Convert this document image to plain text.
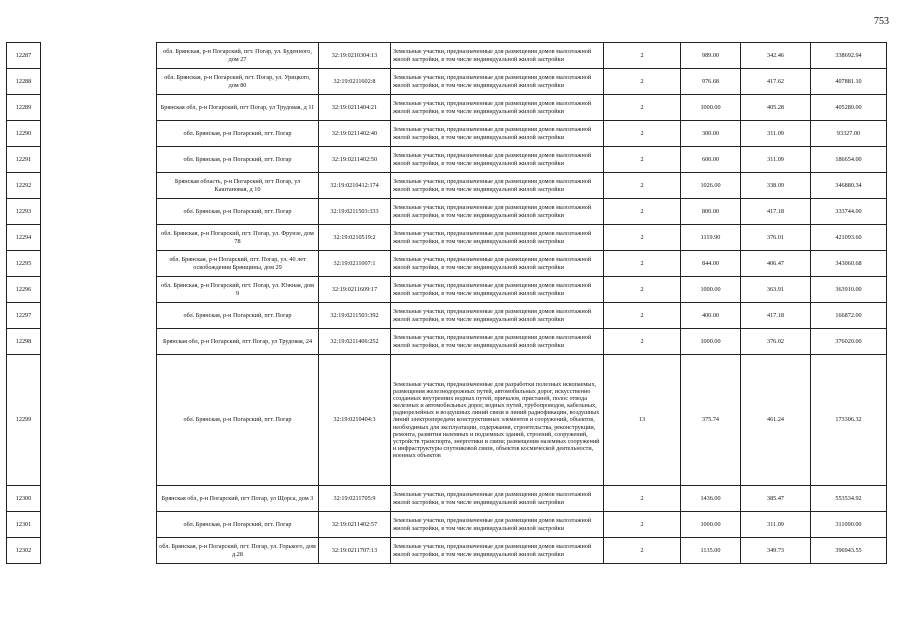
753
12287		обл. Брянская, р-н Погарский, пгт. Погар, ул. Буденного, дом 27	32:19:0210304:13	Земельные участки, предназначенные для размещения домов малоэтажной жилой застройки, в том числе индивидуальной жилой застройки	2	989.00	342.46	338692.94
12288		обл. Брянская, р-н Погарский, пгт. Погар, ул. Урицкого, дом 80	32:19:0211602:8	Земельные участки, предназначенные для размещения домов малоэтажной жилой застройки, в том числе индивидуальной жилой застройки	2	976.68	417.62	407881.10
12289		Брянская обл, р-н Погарский, пгт Погар, ул Трудовая, д 11	32:19:0211404:21	Земельные участки, предназначенные для размещения домов малоэтажной жилой застройки, в том числе индивидуальной жилой застройки	2	1000.00	405.28	405280.00
12290		обл. Брянская, р-н Погарский, пгт. Погар	32:19:0211402:40	Земельные участки, предназначенные для размещения домов малоэтажной жилой застройки, в том числе индивидуальной жилой застройки	2	300.00	311.09	93327.00
12291		обл. Брянская, р-н Погарский, пгт. Погар	32:19:0211402:50	Земельные участки, предназначенные для размещения домов малоэтажной жилой застройки, в том числе индивидуальной жилой застройки	2	600.00	311.09	186654.00
12292		Брянская область, р-н Погарский, пгт Погар, ул Каштановая, д 10	32:19:0210412:174	Земельные участки, предназначенные для размещения домов малоэтажной жилой застройки, в том числе индивидуальной жилой застройки	2	1026.00	338.09	346880.34
12293		обл. Брянская, р-н Погарский, пгт. Погар	32:19:0211503:333	Земельные участки, предназначенные для размещения домов малоэтажной жилой застройки, в том числе индивидуальной жилой застройки	2	800.00	417.18	333744.00
12294		обл. Брянская, р-н Погарский, пгт. Погар, ул. Фрунзе, дом 78	32:19:0210519:2	Земельные участки, предназначенные для размещения домов малоэтажной жилой застройки, в том числе индивидуальной жилой застройки	2	1119.90	376.01	421093.60
12295		обл. Брянская, р-н Погарский, пгт. Погар, ул. 40 лет освобождения Брянщины, дом 29	32:19:0211007:1	Земельные участки, предназначенные для размещения домов малоэтажной жилой застройки, в том числе индивидуальной жилой застройки	2	844.00	406.47	343060.68
12296		обл. Брянская, р-н Погарский, пгт. Погар, ул. Южная, дом 9	32:19:0211609:17	Земельные участки, предназначенные для размещения домов малоэтажной жилой застройки, в том числе индивидуальной жилой застройки	2	1000.00	363.91	363910.00
12297		обл. Брянская, р-н Погарский, пгт. Погар	32:19:0211503:392	Земельные участки, предназначенные для размещения домов малоэтажной жилой застройки, в том числе индивидуальной жилой застройки	2	400.00	417.18	166872.00
12298		Брянская обл, р-н Погарский, пгт Погар, ул Трудовая, 24	32:19:0211406:252	Земельные участки, предназначенные для размещения домов малоэтажной жилой застройки, в том числе индивидуальной жилой застройки	2	1000.00	376.02	376020.00
12299		обл. Брянская, р-н Погарский, пгт. Погар	32:19:0210404:3	Земельные участки, предназначенные для разработки полезных ископаемых, размещения железнодорожных путей, автомобильных дорог, искусственно созданных внутренних водных путей, причалов, пристаней, полос отвода железных и автомобильных дорог, водных путей, трубопроводов, кабельных, радиорелейных и воздушных линий связи и линий радиофикации, воздушных линий электропередачи конструктивных элементов и сооружений, объектов, необходимых для эксплуатации, содержания, строительства, реконструкции, ремонта, развития наземных и подземных зданий, строений, сооружений, устройств транспорта, энергетики и связи; размещения наземных сооружений и инфраструктуры спутниковой связи, объектов космической деятельности, военных объектов	13	375.74	461.24	173306.32
12300		Брянская обл, р-н Погарский, пгт Погар, ул Щорса, дом 3	32:19:0211705:9	Земельные участки, предназначенные для размещения домов малоэтажной жилой застройки, в том числе индивидуальной жилой застройки	2	1436.00	385.47	553534.92
12301		обл. Брянская, р-н Погарский, пгт. Погар	32:19:0211402:57	Земельные участки, предназначенные для размещения домов малоэтажной жилой застройки, в том числе индивидуальной жилой застройки	2	1000.00	311.09	311090.00
12302		обл. Брянская, р-н Погарский, пгт. Погар, ул. Горького, дом д.28	32:19:0211707:13	Земельные участки, предназначенные для размещения домов малоэтажной жилой застройки, в том числе индивидуальной жилой застройки	2	1135.00	349.73	396943.55
